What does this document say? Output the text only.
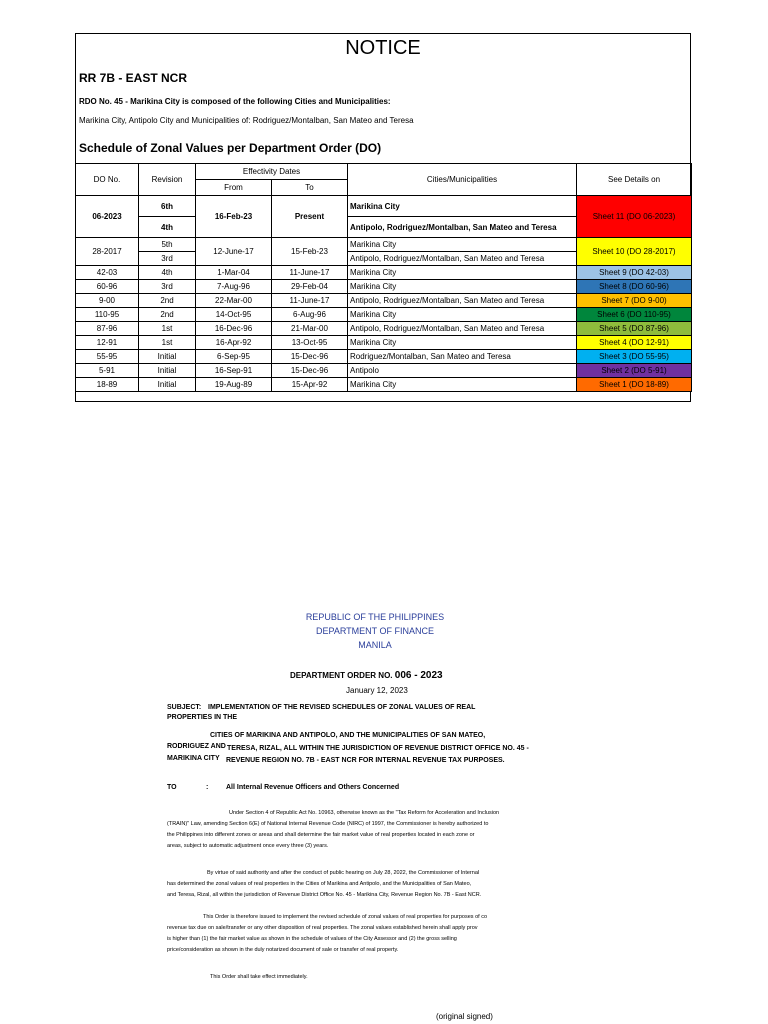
NOTICE
RR 7B - EAST NCR
RDO No. 45 - Marikina City is composed of the following Cities and Municipalities:
Marikina City, Antipolo City and Municipalities of: Rodriguez/Montalban, San Mateo and Teresa
Schedule of Zonal Values per Department Order (DO)
DO No.	Revision	Effectivity Dates		Cities/Municipalities	See Details on
		From	To		
06-2023	6th	16-Feb-23	Present	Marikina City	Sheet 11 (DO 06-2023)
	4th			Antipolo, Rodriguez/Montalban, San Mateo and Teresa	
28-2017	5th	12-June-17	15-Feb-23	Marikina City	Sheet 10 (DO 28-2017)
	3rd			Antipolo, Rodriguez/Montalban, San Mateo and Teresa	
42-03	4th	1-Mar-04	11-June-17	Marikina City	Sheet 9 (DO 42-03)
60-96	3rd	7-Aug-96	29-Feb-04	Marikina City	Sheet 8 (DO 60-96)
9-00	2nd	22-Mar-00	11-June-17	Antipolo, Rodriguez/Montalban, San Mateo and Teresa	Sheet 7 (DO 9-00)
110-95	2nd	14-Oct-95	6-Aug-96	Marikina City	Sheet 6 (DO 110-95)
87-96	1st	16-Dec-96	21-Mar-00	Antipolo, Rodriguez/Montalban, San Mateo and Teresa	Sheet 5 (DO 87-96)
12-91	1st	16-Apr-92	13-Oct-95	Marikina City	Sheet 4 (DO 12-91)
55-95	Initial	6-Sep-95	15-Dec-96	Rodriguez/Montalban, San Mateo and Teresa	Sheet 3 (DO 55-95)
5-91	Initial	16-Sep-91	15-Dec-96	Antipolo	Sheet 2 (DO 5-91)
18-89	Initial	19-Aug-89	15-Apr-92	Marikina City	Sheet 1 (DO 18-89)
REPUBLIC OF THE PHILIPPINES
DEPARTMENT OF FINANCE
MANILA
DEPARTMENT ORDER NO. 006 - 2023
January 12, 2023
SUBJECT: IMPLEMENTATION OF THE REVISED SCHEDULES OF ZONAL VALUES OF REAL
PROPERTIES IN THE
CITIES OF MARIKINA AND ANTIPOLO, AND THE MUNICIPALITIES OF SAN MATEO,
RODRIGUEZ AND TERESA, RIZAL, ALL WITHIN THE JURISDICTION OF REVENUE DISTRICT OFFICE NO. 45 -
MARIKINA CITY REVENUE REGION NO. 7B - EAST NCR FOR INTERNAL REVENUE TAX PURPOSES.
TO	:	All Internal Revenue Officers and Others Concerned
Under Section 4 of Republic Act No. 10963, otherwise known as the "Tax Reform for Acceleration and Inclusion
(TRAIN)" Law, amending Section 6(E) of National Internal Revenue Code (NIRC) of 1997, the Commissioner is hereby authorized to
the Philippines into different zones or areas and shall determine the fair market value of real properties located in each zone or
areas, subject to automatic adjustment once every three (3) years.
By virtue of said authority and after the conduct of public hearing on July 28, 2022, the Commissioner of Internal
has determined the zonal values of real properties in the Cities of Marikina and Antipolo, and the Municipalities of San Mateo,
and Teresa, Rizal, all within the jurisdiction of Revenue District Office No. 45 - Marikina City, Revenue Region No. 7B - East NCR.
This Order is therefore issued to implement the revised schedule of zonal values of real properties for purposes of co
revenue tax due on sale/transfer or any other disposition of real properties. The zonal values established herein shall apply prov
is higher than (1) the fair market value as shown in the schedule of values of the City Assessor and (2) the gross selling
price/consideration as shown in the duly notarized document of sale or transfer of real property.
This Order shall take effect immediately.
(original signed)
